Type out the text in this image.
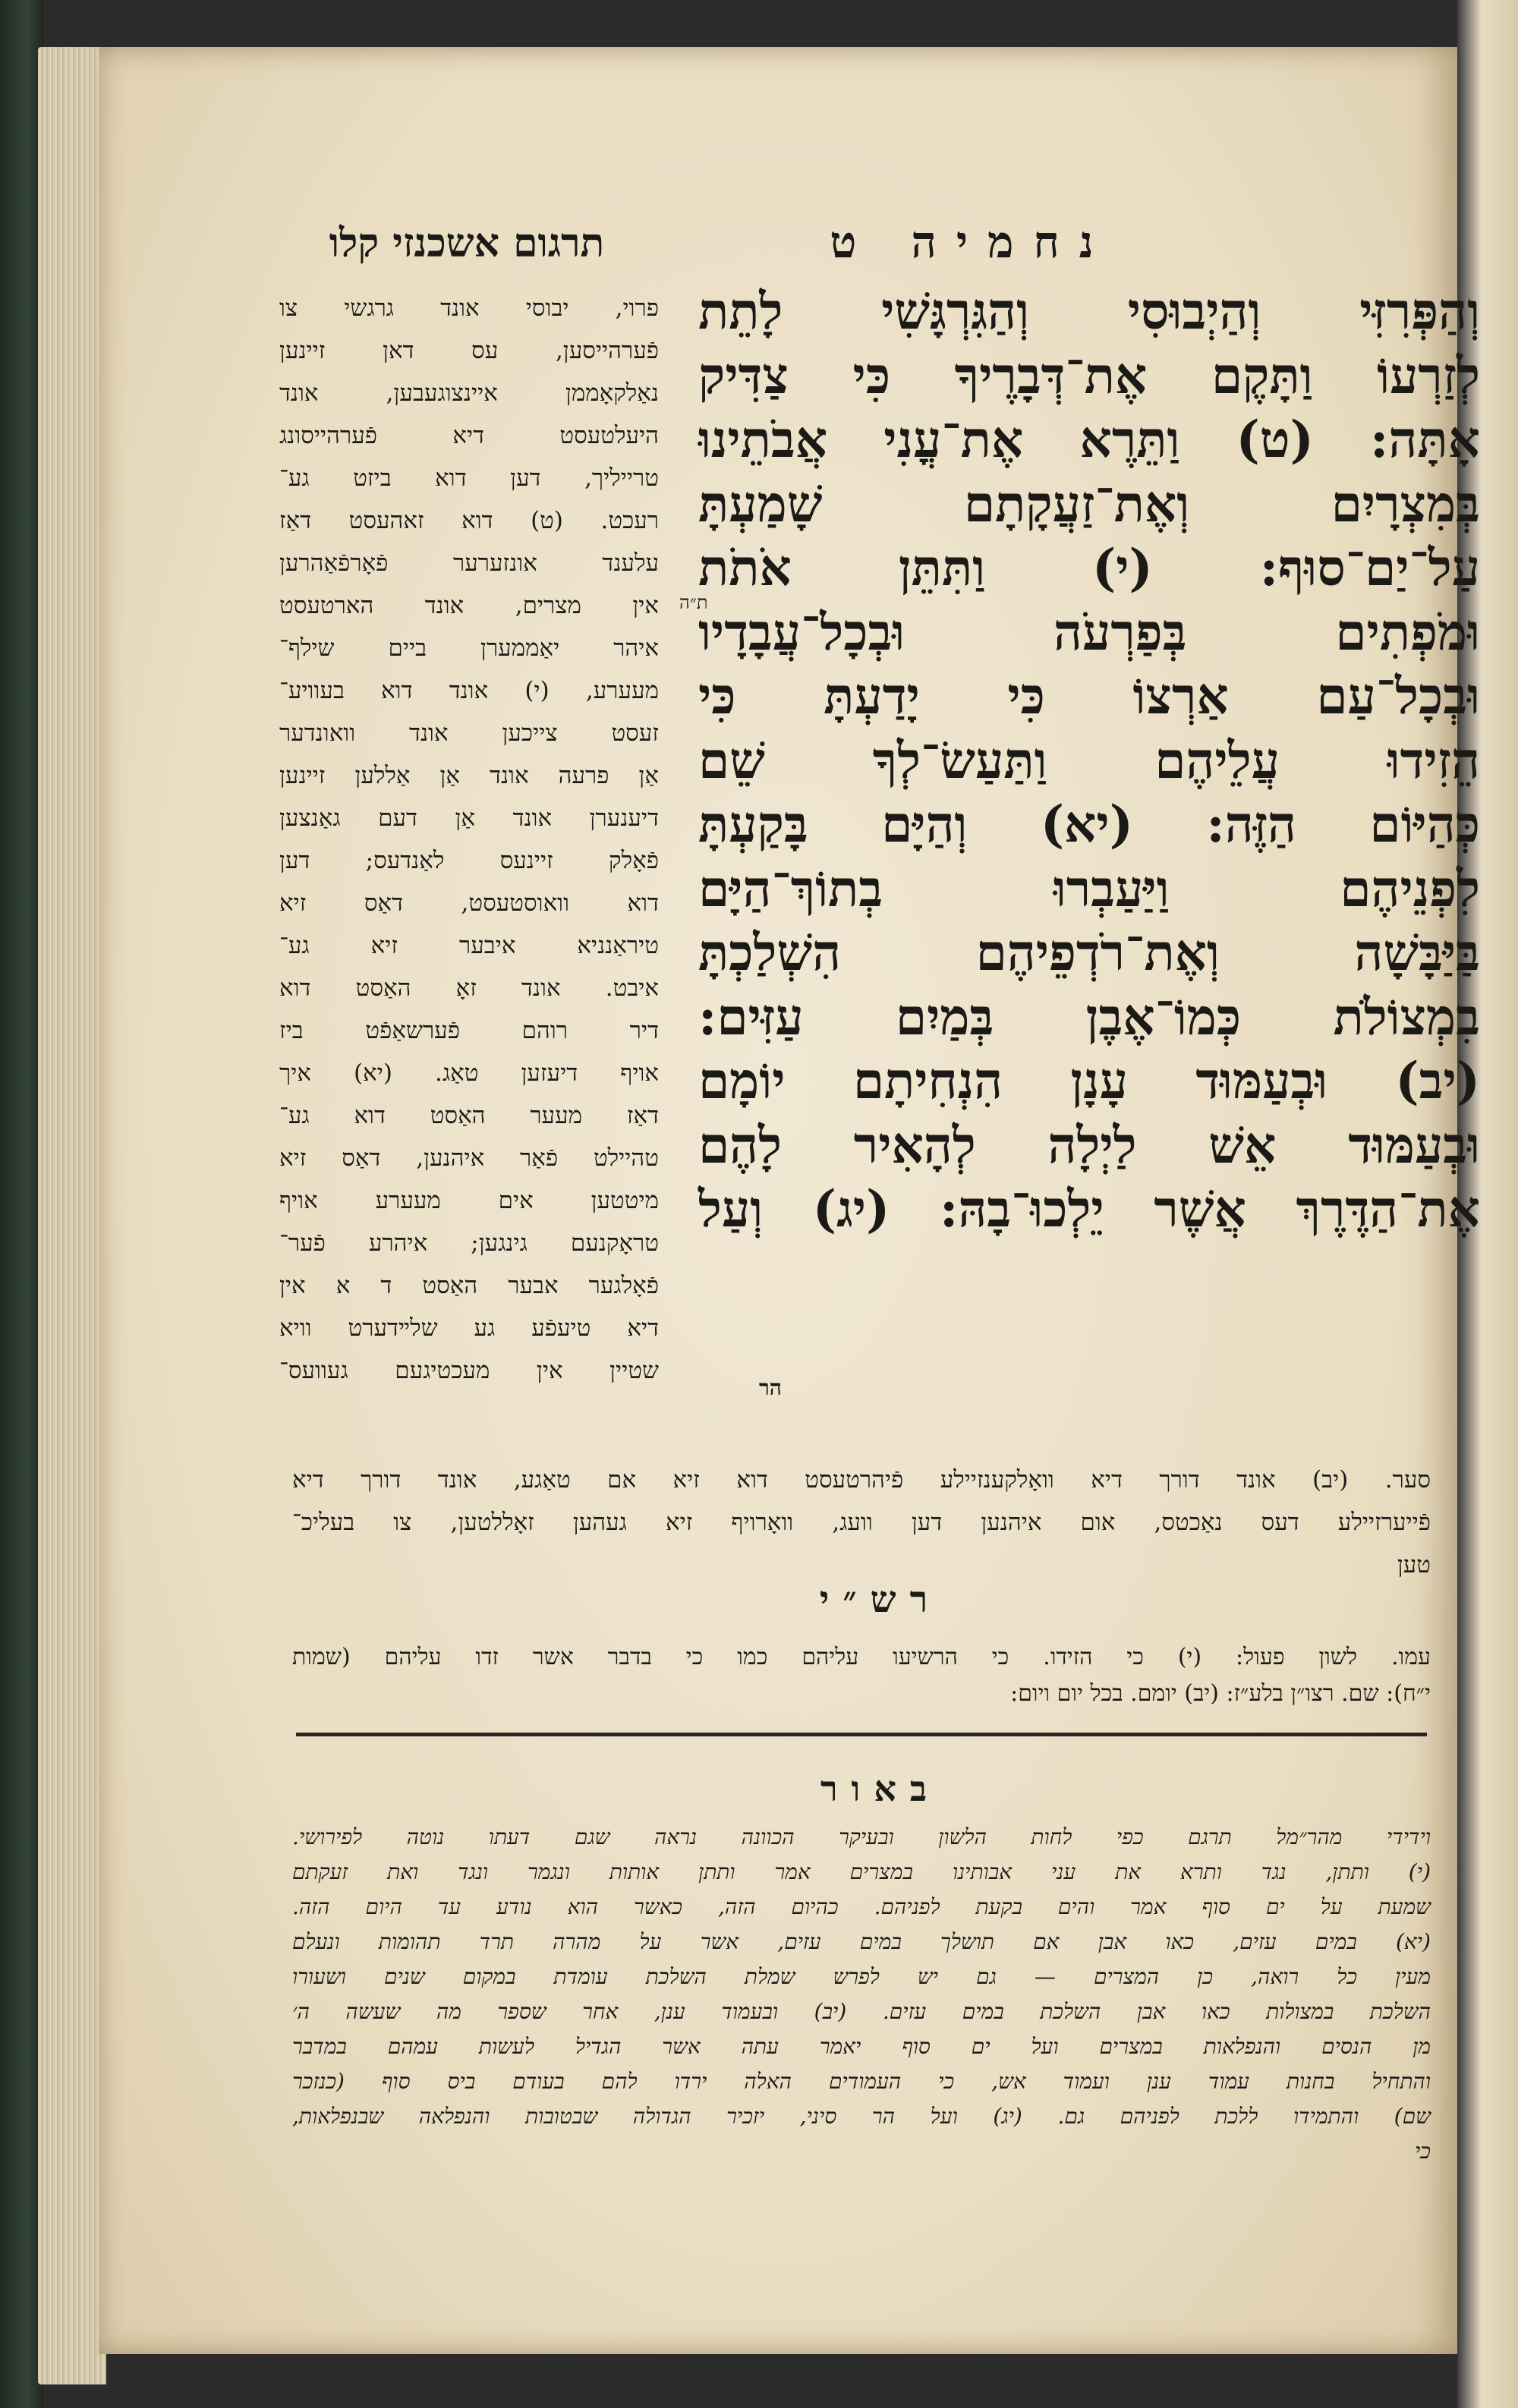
נחמיה ט
תרגום אשכנזי קלו
וְהַפְּרִזִּי וְהַיְבוּסִי וְהַגִּרְגָּשִׁי לָתֵת
לְזַרְעוֹ וַתָּקֶם אֶת־דְּבָרֶיךָ כִּי צַדִּיק
אָתָּה: (ט) וַתֵּרֶא אֶת־עֳנִי אֲבֹתֵינוּ
בְּמִצְרָיִם וְאֶת־זַעֲקָתָם שָׁמַעְתָּ
עַל־יַם־סוּף: (י) וַתִּתֵּן אֹתֹת
וּמֹפְתִים בְּפַרְעֹה וּבְכָל־עֲבָדָיו
וּבְכָל־עַם אַרְצוֹ כִּי יָדַעְתָּ כִּי
הֵזִידוּ עֲלֵיהֶם וַתַּעַשׂ־לְךָ שֵׁם
כְּהַיּוֹם הַזֶּה: (יא) וְהַיָּם בָּקַעְתָּ
לִפְנֵיהֶם וַיַּעַבְרוּ בְתוֹךְ־הַיָּם
בַּיַּבָּשָׁה וְאֶת־רֹדְפֵיהֶם הִשְׁלַכְתָּ
בִמְצוֹלֹת כְּמוֹ־אֶבֶן בְּמַיִם עַזִּים:
(יב) וּבְעַמּוּד עָנָן הִנְחִיתָם יוֹמָם
וּבְעַמּוּד אֵשׁ לַיְלָה לְהָאִיר לָהֶם
אֶת־הַדֶּרֶךְ אֲשֶׁר יֵלְכוּ־בָהּ: (יג) וְעַל
הר
ת״ה
פרוי, יבוסי אונד גרגשי צו
פֿערהייסען, עס דאן זיינען
נאַלקאָממן איינצוגעבען, אונד
היעלטעסט דיא פֿערהייסונג
טרייליך, דען דוא ביזט גע־
רעכט. (ט) דוא זאהעסט דאַז
עלענד אונזערער פֿאָרפֿאַהרען
אין מצרים, אונד הארטעסט
איהר יאַממערן ביים שילף־
מעערע, (י) אונד דוא בעוויע־
זעסט צייכען אונד וואונדער
אַן פרעה אונד אַן אַללען זיינען
דיענערן אונד אַן דעם גאַנצען
פֿאָלק זיינעס לאַנדעס; דען
דוא וואוסטעסט, דאַס זיא
טיראַנניא איבער זיא גע־
איבט. אונד זאָ האַסט דוא
דיר רוהם פֿערשאַפֿט ביז
אויף דיעזען טאַג. (יא) איך
דאַז מעער האַסט דוא גע־
טהיילט פֿאַר איהנען, דאַס זיא
מיטטען אים מעערע אויף
טראָקנעם גינגען; איהרע פֿער־
פֿאָלגער אבער האַסט ד א אין
דיא טיעפֿע גע שלײדערט וויא
שטיין אין מעכטיגעם געוועס־
סער. (יב) אונד דורך דיא וואָלקענזיילע פֿיהרטעסט דוא זיא אם טאַגע, אונד דורך דיא
פֿייערזיילע דעס נאַכטס, אום איהנען דען וועג, וואָרויף זיא געהען זאָללטען, צו בעליכ־
טען
רש״י
עמו. לשון פעול: (י) כי הזידו. כי הרשיעו עליהם כמו כי בדבר אשר זדו עליהם (שמות
י״ח): שם. רצו״ן בלע״ז: (יב) יומם. בכל יום ויום:
באור
וידידי מהר״מל תרגם כפי לחות הלשון ובעיקר הכוונה נראה שגם דעתו נוטה לפירושי.
(י) ותתן, נגד ותרא את עני אבותינו במצרים אמר ותתן אותות ונגמר ונגד ואת זעקתם
שמעת על ים סוף אמר והים בקעת לפניהם. כהיום הזה, כאשר הוא נודע עד היום הזה.
(יא) במים עזים, כאו אבן אם תושלך במים עזים, אשר על מהרה תרד תהומות ונעלם
מעין כל רואה, כן המצרים — גם יש לפרש שמלת השלכת עומדת במקום שנים ושעורו
השלכת במצולות כאו אבן השלכת במים עזים. (יב) ובעמוד ענן, אחר שספר מה שעשה ה׳
מן הנסים והנפלאות במצרים ועל ים סוף יאמר עתה אשר הגדיל לעשות עמהם במדבר
והתחיל בחנות עמוד ענן ועמוד אש, כי העמודים האלה ירדו להם בעודם ביס סוף (כנזכר
שם) והתמידו ללכת לפניהם גם. (יג) ועל הר סיני, יזכיר הגדולה שבטובות והנפלאה שבנפלאות,
כי
